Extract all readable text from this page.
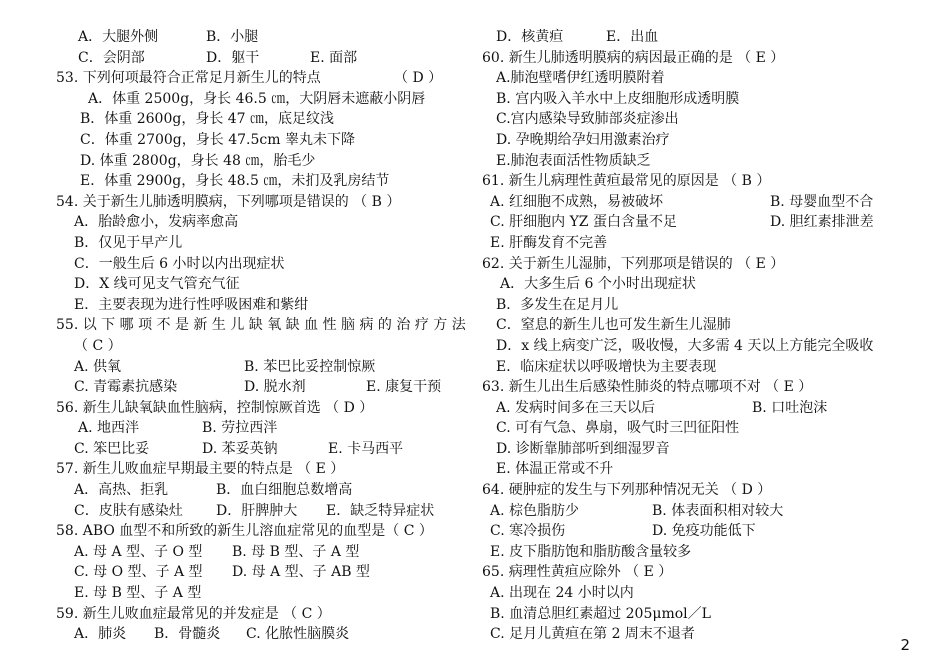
A．大腿外侧	B．小腿
C．会阴部	D．躯干	E. 面部
53. 下列何项最符合正常足月新生儿的特点	（ D ）
A．体重 2500g，身长 46.5 ㎝，大阴唇未遮蔽小阴唇
B．体重 2600g，身长 47 ㎝，底足纹浅
C．体重 2700g，身长 47.5cm 睾丸未下降
D. 体重 2800g，身长 48 ㎝，胎毛少
E．体重 2900g，身长 48.5 ㎝，未扪及乳房结节
54. 关于新生儿肺透明膜病，下列哪项是错误的 （ B ）
A．胎龄愈小，发病率愈高
B．仅见于早产儿
C．一般生后 6 小时以内出现症状
D．X 线可见支气管充气征
E．主要表现为进行性呼吸困难和紫绀
55. 以 下 哪 项 不 是 新 生 儿 缺 氧 缺 血 性 脑 病 的 治 疗 方 法
（ C ）
A. 供氧	B. 苯巴比妥控制惊厥
C. 青霉素抗感染	D. 脱水剂	E. 康复干预
56. 新生儿缺氧缺血性脑病，控制惊厥首选 （ D ）
A. 地西泮	B. 劳拉西泮
C. 笨巴比妥	D. 苯妥英钠	E. 卡马西平
57. 新生儿败血症早期最主要的特点是 （ E ）
A．高热、拒乳	B．血白细胞总数增高
C．皮肤有感染灶 D．肝脾肿大 E．缺乏特异症状
58. ABO 血型不和所致的新生儿溶血症常见的血型是（ C ）
A. 母 A 型、子 O 型 B. 母 B 型、子 A 型
C. 母 O 型、子 A 型 D. 母 A 型、子 AB 型
E. 母 B 型、子 A 型
59. 新生儿败血症最常见的并发症是 （ C ）
A．肺炎 B．骨髓炎 C. 化脓性脑膜炎
D．核黄疸	E．出血
60. 新生儿肺透明膜病的病因最正确的是 （ E ）
A.肺泡壁嗜伊红透明膜附着
B. 宫内吸入羊水中上皮细胞形成透明膜
C.宫内感染导致肺部炎症渗出
D. 孕晚期给孕妇用激素治疗
E.肺泡表面活性物质缺乏
61. 新生儿病理性黄疸最常见的原因是 （ B ）
A. 红细胞不成熟，易被破坏	B. 母婴血型不合
C. 肝细胞内 YZ 蛋白含量不足	D. 胆红素排泄差
E. 肝酶发育不完善
62. 关于新生儿湿肺，下列那项是错误的 （ E ）
A．大多生后 6 个小时出现症状
B．多发生在足月儿
C．窒息的新生儿也可发生新生儿湿肺
D．x 线上病变广泛，吸收慢，大多需 4 天以上方能完全吸收
E．临床症状以呼吸增快为主要表现
63. 新生儿出生后感染性肺炎的特点哪项不对 （ E ）
A. 发病时间多在三天以后	B. 口吐泡沫
C. 可有气急、鼻扇，吸气时三凹征阳性
D. 诊断靠肺部听到细湿罗音
E. 体温正常或不升
64. 硬肿症的发生与下列那种情况无关 （ D ）
A. 棕色脂肪少	B. 体表面积相对较大
C. 寒冷损伤	D. 免疫功能低下
E. 皮下脂肪饱和脂肪酸含量较多
65. 病理性黄疸应除外 （ E ）
A. 出现在 24 小时以内
B. 血清总胆红素超过 205μmol／L
C. 足月儿黄疸在第 2 周末不退者
2
